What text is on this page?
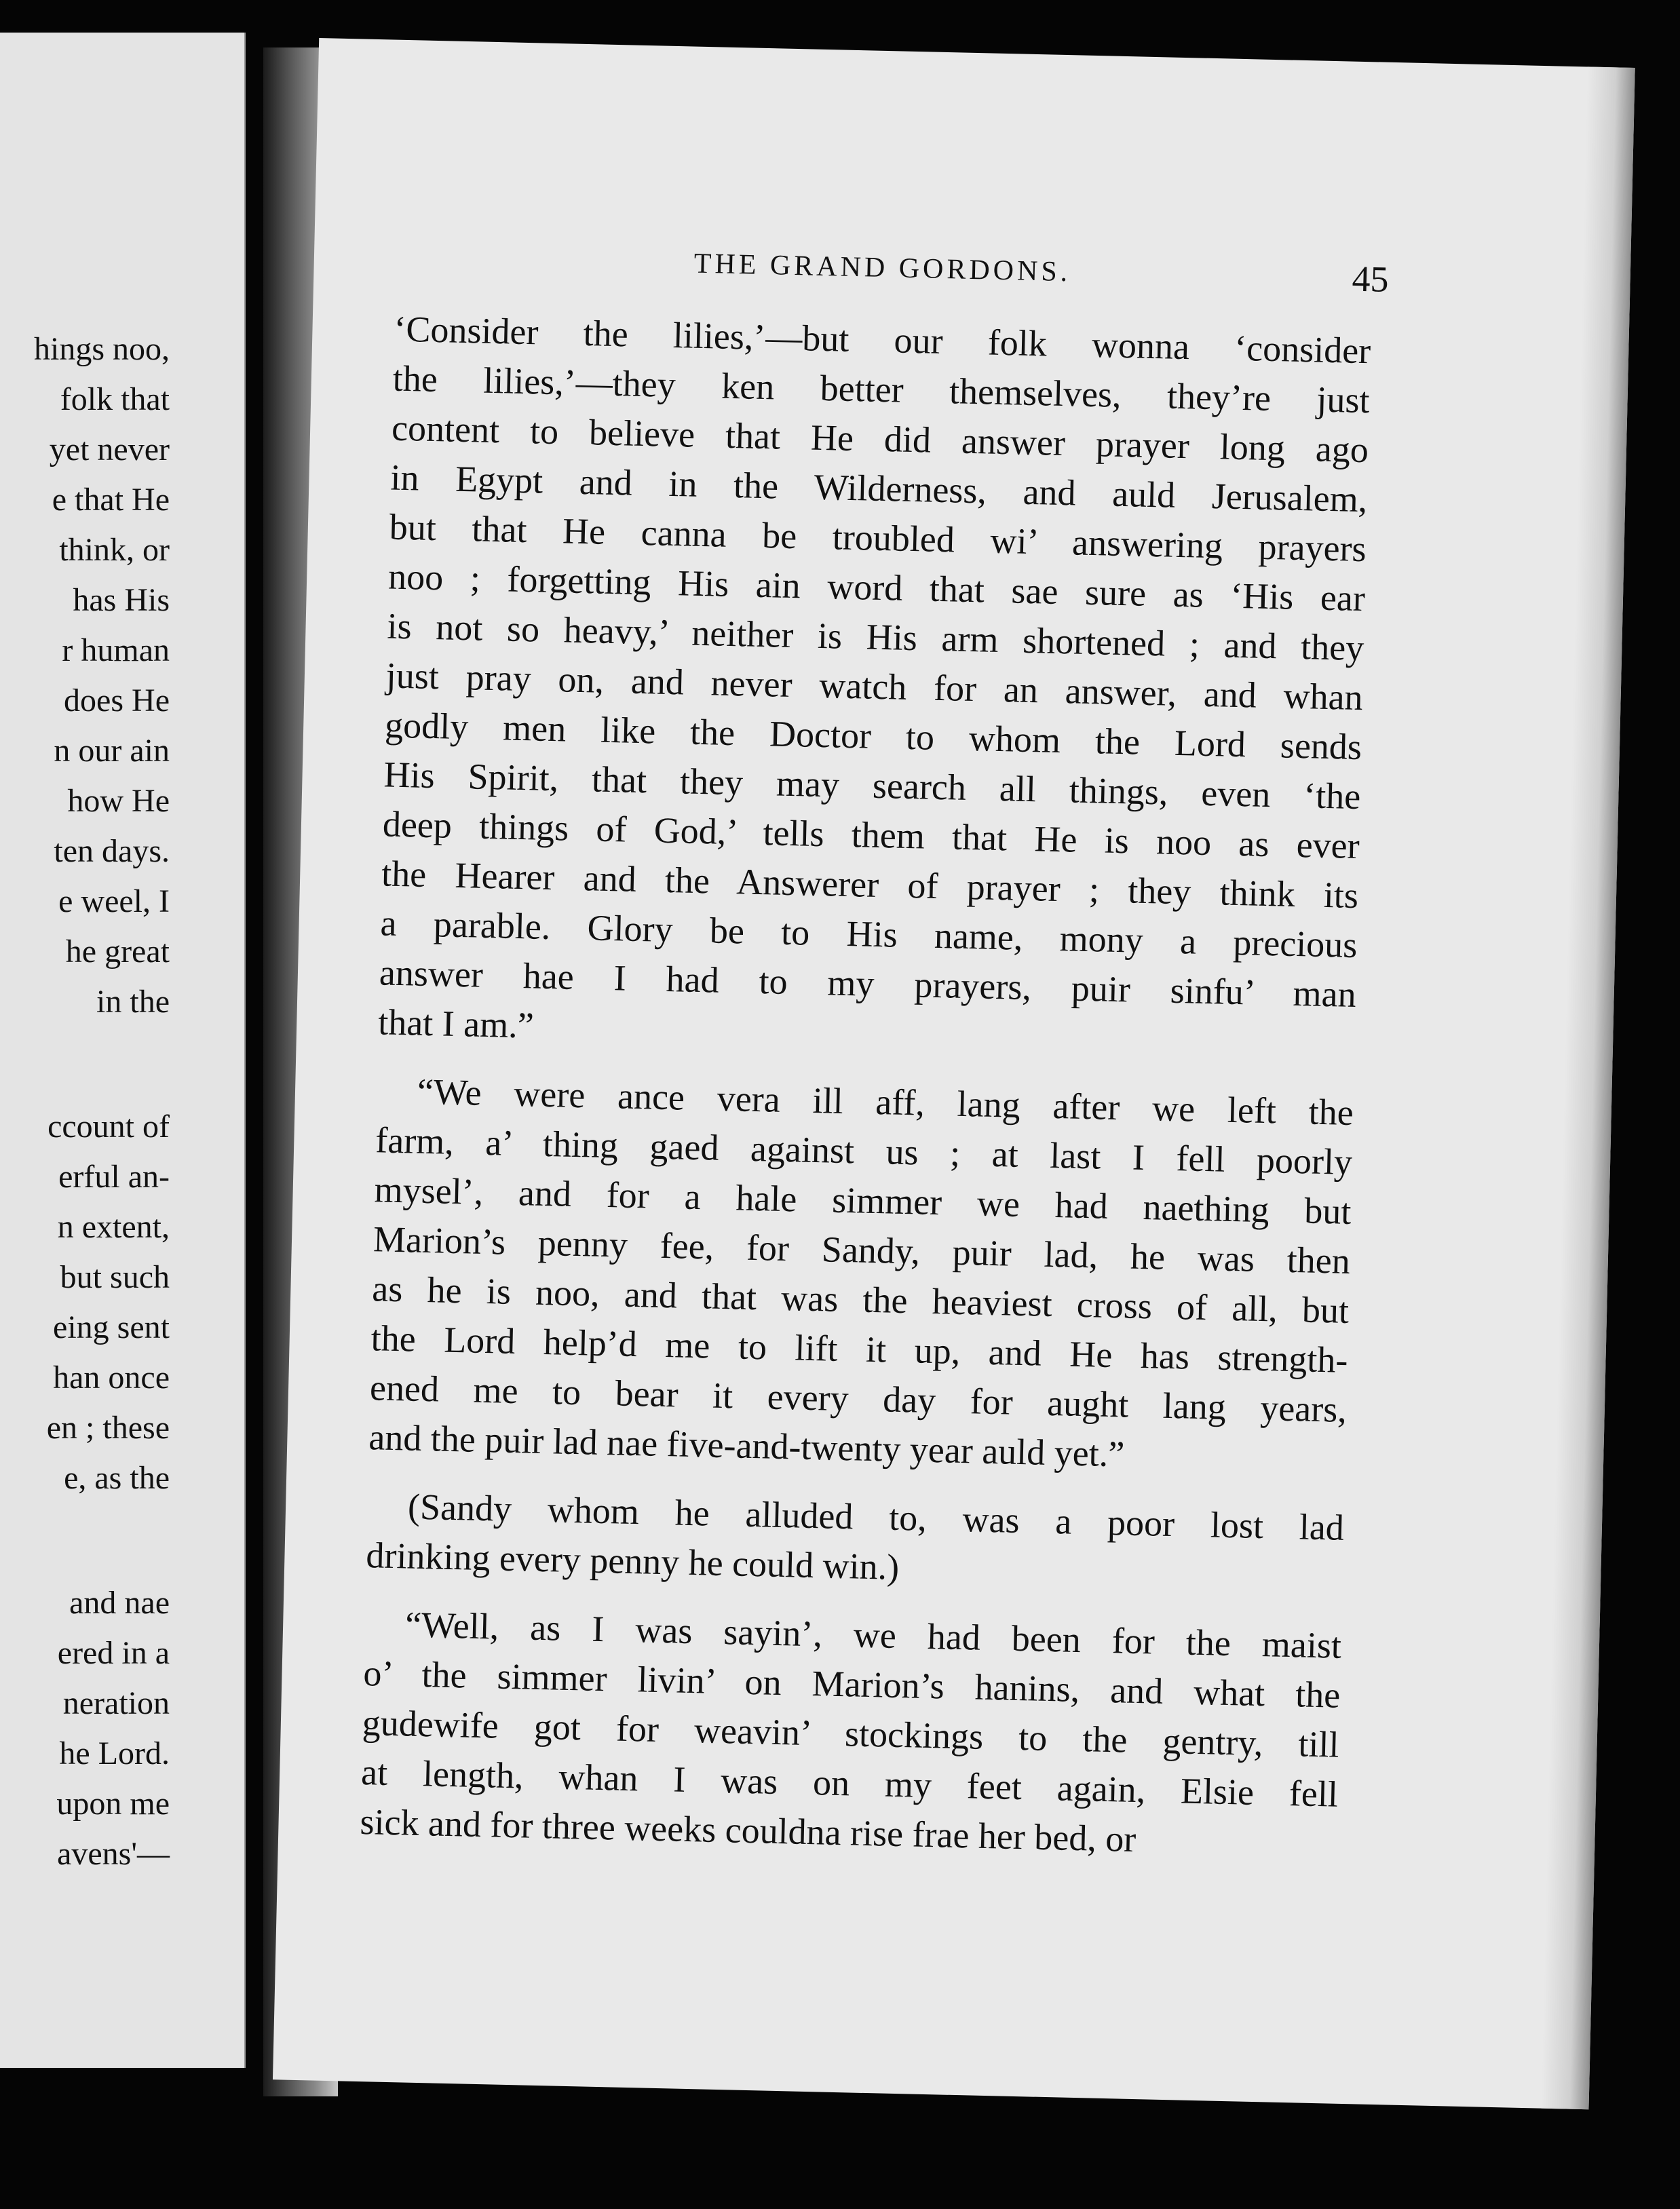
hings noo,
folk that
yet never
e that He
think, or
has His
r human
does He
n our ain
how He
ten days.
e weel, I
he great
in the
ccount of
erful an-
n extent,
but such
eing sent
han once
en ; these
e, as the
and nae
ered in a
neration
he Lord.
upon me
avens'—
THE GRAND GORDONS.	45
‘Consider the lilies,’—but our folk wonna ‘consider
the lilies,’—they ken better themselves, they’re just
content to believe that He did answer prayer long ago
in Egypt and in the Wilderness, and auld Jerusalem,
but that He canna be troubled wi’ answering prayers
noo ; forgetting His ain word that sae sure as ‘His ear
is not so heavy,’ neither is His arm shortened ; and they
just pray on, and never watch for an answer, and whan
godly men like the Doctor to whom the Lord sends
His Spirit, that they may search all things, even ‘the
deep things of God,’ tells them that He is noo as ever
the Hearer and the Answerer of prayer ; they think its
a parable. Glory be to His name, mony a precious
answer hae I had to my prayers, puir sinfu’ man
that I am.”
“We were ance vera ill aff, lang after we left the
farm, a’ thing gaed against us ; at last I fell poorly
mysel’, and for a hale simmer we had naething but
Marion’s penny fee, for Sandy, puir lad, he was then
as he is noo, and that was the heaviest cross of all, but
the Lord help’d me to lift it up, and He has strength-
ened me to bear it every day for aught lang years,
and the puir lad nae five-and-twenty year auld yet.”
(Sandy whom he alluded to, was a poor lost lad
drinking every penny he could win.)
“Well, as I was sayin’, we had been for the maist
o’ the simmer livin’ on Marion’s hanins, and what the
gudewife got for weavin’ stockings to the gentry, till
at length, whan I was on my feet again, Elsie fell
sick and for three weeks couldna rise frae her bed, or
